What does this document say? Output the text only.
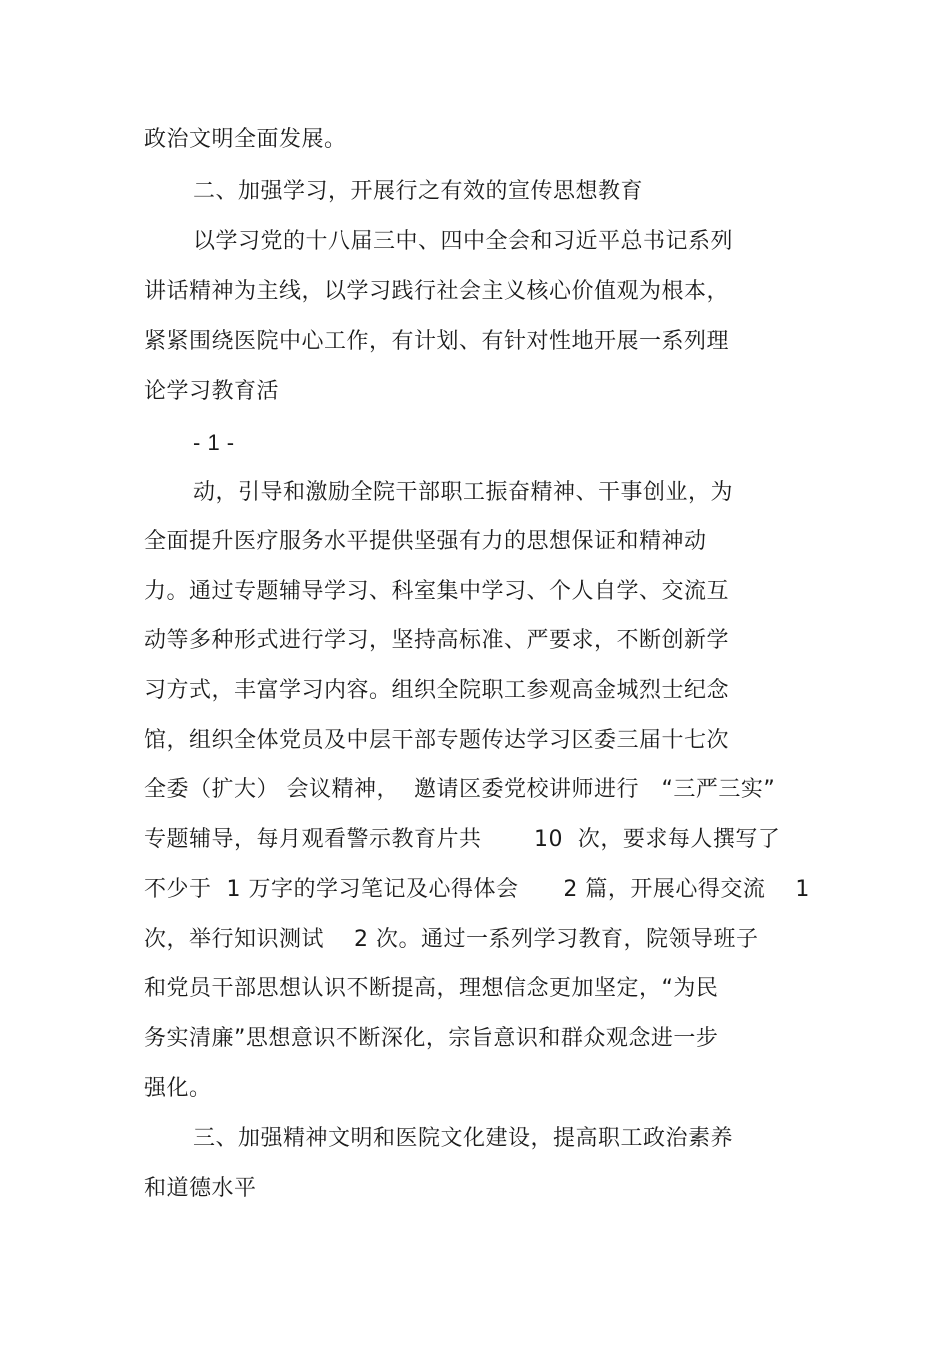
政治文明全面发展。
二、加强学习，开展行之有效的宣传思想教育
以学习党的十八届三中、四中全会和习近平总书记系列
讲话精神为主线，以学习践行社会主义核心价值观为根本，
紧紧围绕医院中心工作，有计划、有针对性地开展一系列理
论学习教育活
- 1 -
动，引导和激励全院干部职工振奋精神、干事创业，为
全面提升医疗服务水平提供坚强有力的思想保证和精神动
力。通过专题辅导学习、科室集中学习、个人自学、交流互
动等多种形式进行学习，坚持高标准、严要求，不断创新学
习方式，丰富学习内容。组织全院职工参观高金城烈士纪念
馆，组织全体党员及中层干部专题传达学习区委三届十七次
全委（扩大） 会议精神，  邀请区委党校讲师进行   “三严三实”
专题辅导，每月观看警示教育片共       10  次，要求每人撰写了
不少于  1 万字的学习笔记及心得体会      2 篇，开展心得交流    1
次，举行知识测试    2 次。通过一系列学习教育，院领导班子
和党员干部思想认识不断提高，理想信念更加坚定，“为民
务实清廉”思想意识不断深化，宗旨意识和群众观念进一步
强化。
三、加强精神文明和医院文化建设，提高职工政治素养
和道德水平
